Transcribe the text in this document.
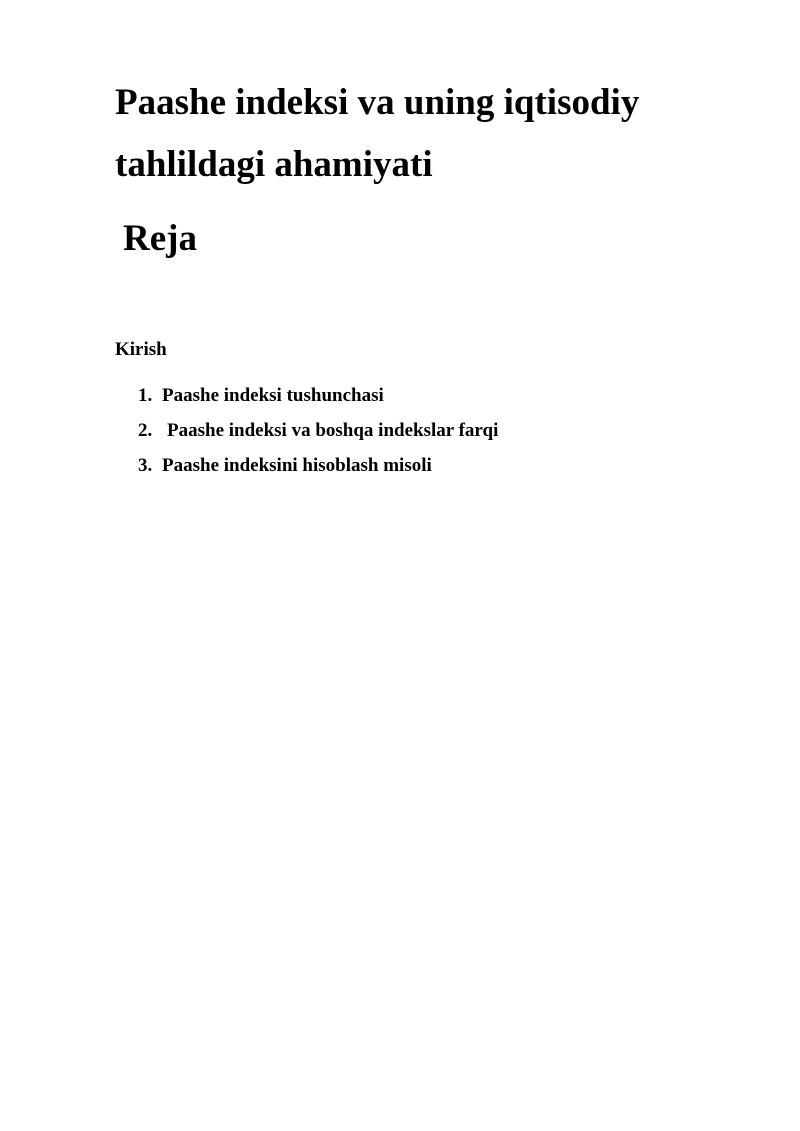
Paashe indeksi va uning iqtisodiy
tahlildagi ahamiyati
Reja
Kirish
1. Paashe indeksi tushunchasi
2. Paashe indeksi va boshqa indekslar farqi
3. Paashe indeksini hisoblash misoli
